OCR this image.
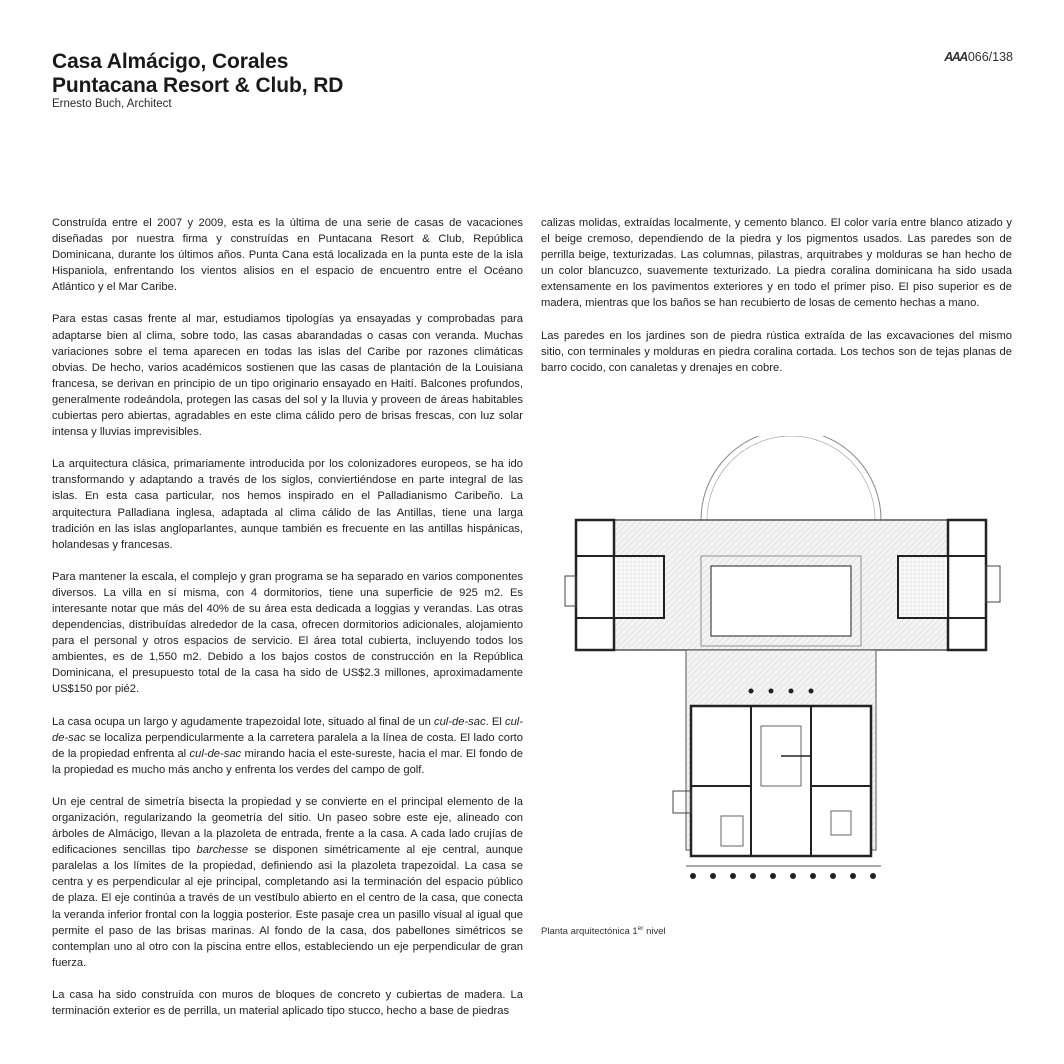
Casa Almácigo, Corales
Puntacana Resort & Club, RD
Ernesto Buch, Architect
AAA066/138

Construída entre el 2007 y 2009, esta es la última de una serie de casas de vacaciones diseñadas por nuestra firma y construídas en Puntacana Resort & Club, República Dominicana, durante los últimos años. Punta Cana está localizada en la punta este de la isla Hispaniola, enfrentando los vientos alisios en el espacio de encuentro entre el Océano Atlántico y el Mar Caribe.

Para estas casas frente al mar, estudiamos tipologías ya ensayadas y comprobadas para adaptarse bien al clima, sobre todo, las casas abarandadas o casas con veranda. Muchas variaciones sobre el tema aparecen en todas las islas del Caribe por razones climáticas obvias. De hecho, varios académicos sostienen que las casas de plantación de la Louisiana francesa, se derivan en principio de un tipo originario ensayado en Haití. Balcones profundos, generalmente rodeándola, protegen las casas del sol y la lluvia y proveen de áreas habitables cubiertas pero abiertas, agradables en este clima cálido pero de brisas frescas, con luz solar intensa y lluvias imprevisibles.

La arquitectura clásica, primariamente introducida por los colonizadores europeos, se ha ido transformando y adaptando a través de los siglos, conviertiéndose en parte integral de las islas. En esta casa particular, nos hemos inspirado en el Palladianismo Caribeño. La arquitectura Palladiana inglesa, adaptada al clima cálido de las Antillas, tiene una larga tradición en las islas angloparlantes, aunque también es frecuente en las antillas hispánicas, holandesas y francesas.

Para mantener la escala, el complejo y gran programa se ha separado en varios componentes diversos. La villa en sí misma, con 4 dormitorios, tiene una superficie de 925 m2. Es interesante notar que más del 40% de su área esta dedicada a loggias y verandas. Las otras dependencias, distribuídas alrededor de la casa, ofrecen dormitorios adicionales, alojamiento para el personal y otros espacios de servicio. El área total cubierta, incluyendo todos los ambientes, es de 1,550 m2. Debido a los bajos costos de construcción en la República Dominicana, el presupuesto total de la casa ha sido de US$2.3 millones, aproximadamente US$150 por pié2.

La casa ocupa un largo y agudamente trapezoidal lote, situado al final de un cul-de-sac. El cul-de-sac se localiza perpendicularmente a la carretera paralela a la línea de costa. El lado corto de la propiedad enfrenta al cul-de-sac mirando hacia el este-sureste, hacia el mar. El fondo de la propiedad es mucho más ancho y enfrenta los verdes del campo de golf.

Un eje central de simetría bisecta la propiedad y se convierte en el principal elemento de la organización, regularizando la geometría del sitio. Un paseo sobre este eje, alineado con árboles de Almácigo, llevan a la plazoleta de entrada, frente a la casa. A cada lado crujías de edificaciones sencillas tipo barchesse se disponen simétricamente al eje central, aunque paralelas a los límites de la propiedad, definiendo asi la plazoleta trapezoidal. La casa se centra y es perpendicular al eje principal, completando asi la terminación del espacio público de plaza. El eje continúa a través de un vestíbulo abierto en el centro de la casa, que conecta la veranda inferior frontal con la loggia posterior. Este pasaje crea un pasillo visual al igual que permite el paso de las brisas marinas. Al fondo de la casa, dos pabellones simétricos se contemplan uno al otro con la piscina entre ellos, estableciendo un eje perpendicular de gran fuerza.

La casa ha sido construída con muros de bloques de concreto y cubiertas de madera. La terminación exterior es de perrilla, un material aplicado tipo stucco, hecho a base de piedras

calizas molidas, extraídas localmente, y cemento blanco. El color varía entre blanco atizado y el beige cremoso, dependiendo de la piedra y los pigmentos usados. Las paredes son de perrilla beige, texturizadas. Las columnas, pilastras, arquitrabes y molduras se han hecho de un color blancuzco, suavemente texturizado. La piedra coralina dominicana ha sido usada extensamente en los pavimentos exteriores y en todo el primer piso. El piso superior es de madera, mientras que los baños se han recubierto de losas de cemento hechas a mano.

Las paredes en los jardines son de piedra rústica extraída de las excavaciones del mismo sitio, con terminales y molduras en piedra coralina cortada. Los techos son de tejas planas de barro cocido, con canaletas y drenajes en cobre.

Planta arquitectónica 1er nivel
